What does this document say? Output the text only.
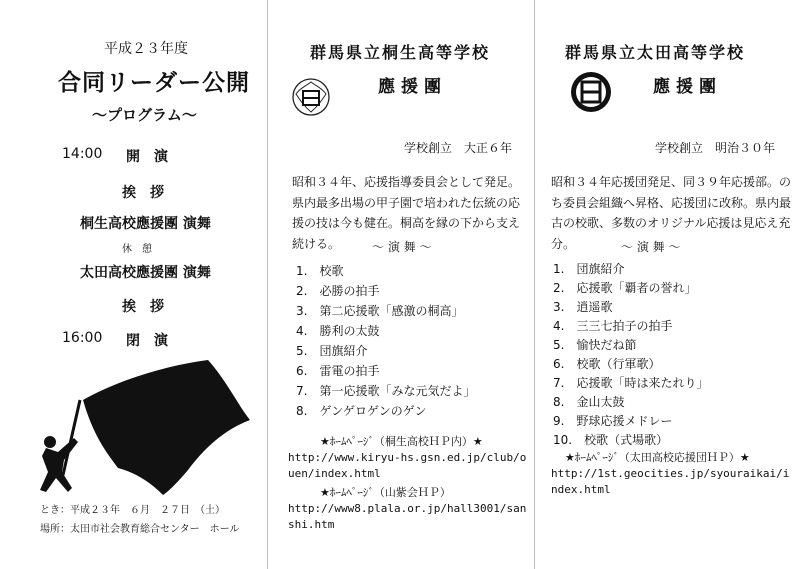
平成２３年度
合同リーダー公開
〜プログラム〜
14:00 開　演
挨　拶
桐生高校應援團 演舞
休　憩
太田高校應援團 演舞
挨　拶
16:00 閉　演
とき：平成２３年　６月　２７日　（土）
場所：太田市社会教育総合センター　ホール
群馬県立桐生高等学校
應援團
学校創立　大正６年
昭和３４年、応援指導委員会として発足。県内最多出場の甲子園で培われた伝統の応援の技は今も健在。桐高を縁の下から支え続ける。	〜 演 舞 〜
1.　校歌
2.　必勝の拍手
3.　第二応援歌「感激の桐高」
4.　勝利の太鼓
5.　団旗紹介
6.　雷電の拍手
7.　第一応援歌「みな元気だよ」
8.　ゲンゲロゲンのゲン
★ﾎｰﾑﾍﾟｰｼﾞ（桐生高校ＨＰ内）★
http://www.kiryu-hs.gsn.ed.jp/club/ouen/index.html
★ﾎｰﾑﾍﾟｰｼﾞ（山紫会ＨＰ）
http://www8.plala.or.jp/hall3001/sanshi.htm
群馬県立太田高等学校
應援團
学校創立　明治３０年
昭和３４年応援団発足、同３９年応援部。のち委員会組織へ昇格、応援団に改称。県内最古の校歌、多数のオリジナル応援は見応え充分。	〜 演 舞 〜
1.　団旗紹介
2.　応援歌「覇者の誉れ」
3.　逍遥歌
4.　三三七拍子の拍手
5.　愉快だね節
6.　校歌（行軍歌）
7.　応援歌「時は来たれり」
8.　金山太鼓
9.　野球応援メドレー
10.　校歌（式場歌）
★ﾎｰﾑﾍﾟｰｼﾞ（太田高校応援団ＨＰ）★
http://1st.geocities.jp/syouraikai/index.html
